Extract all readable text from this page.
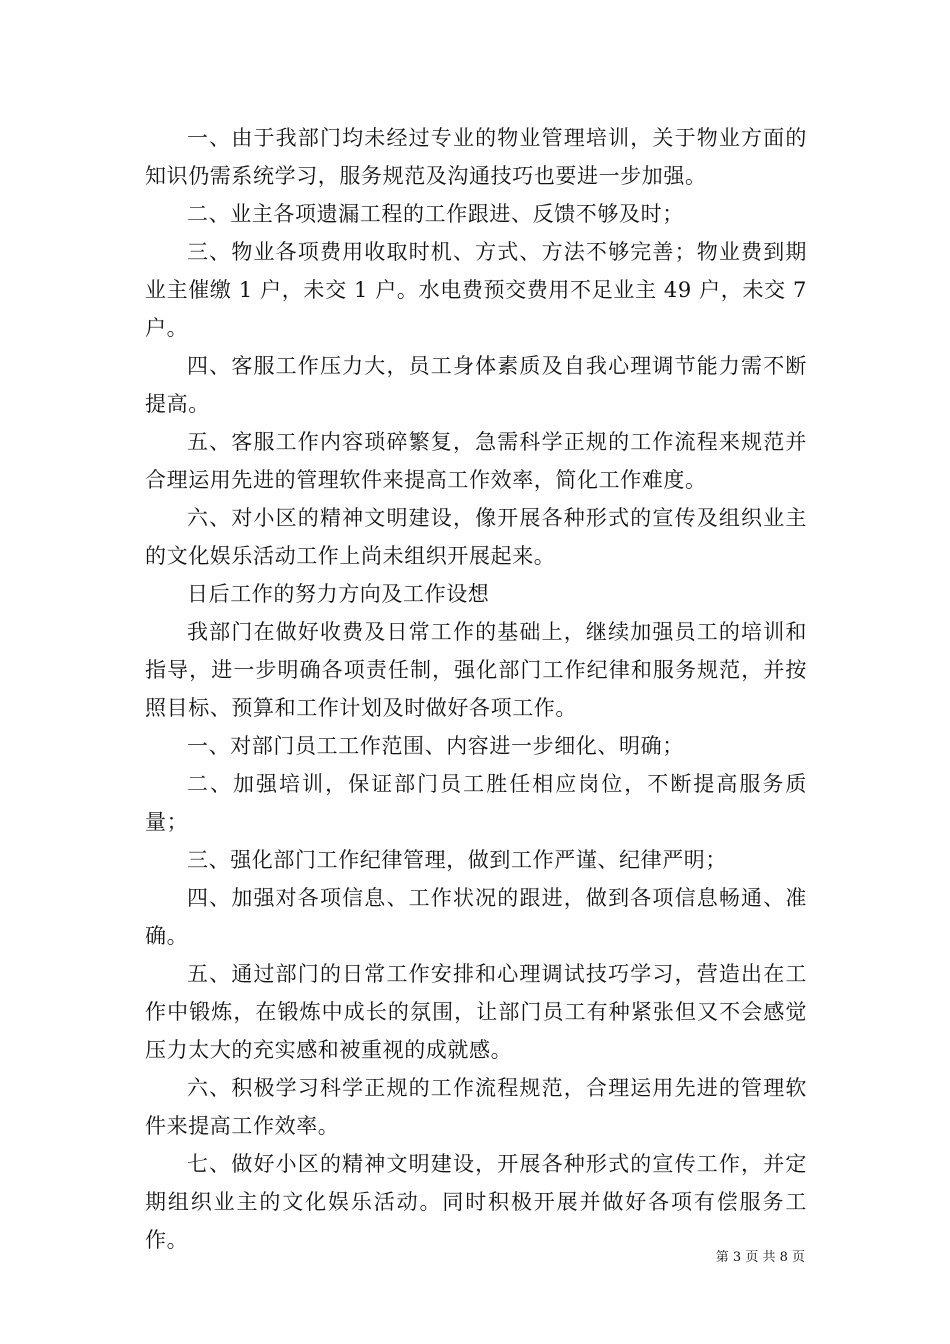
一、由于我部门均未经过专业的物业管理培训，关于物业方面的知识仍需系统学习，服务规范及沟通技巧也要进一步加强。

二、业主各项遗漏工程的工作跟进、反馈不够及时；

三、物业各项费用收取时机、方式、方法不够完善；物业费到期业主催缴 1 户，未交 1 户。水电费预交费用不足业主 49 户，未交 7 户。

四、客服工作压力大，员工身体素质及自我心理调节能力需不断提高。

五、客服工作内容琐碎繁复，急需科学正规的工作流程来规范并合理运用先进的管理软件来提高工作效率，简化工作难度。

六、对小区的精神文明建设，像开展各种形式的宣传及组织业主的文化娱乐活动工作上尚未组织开展起来。

日后工作的努力方向及工作设想

我部门在做好收费及日常工作的基础上，继续加强员工的培训和指导，进一步明确各项责任制，强化部门工作纪律和服务规范，并按照目标、预算和工作计划及时做好各项工作。

一、对部门员工工作范围、内容进一步细化、明确；

二、加强培训，保证部门员工胜任相应岗位，不断提高服务质量；

三、强化部门工作纪律管理，做到工作严谨、纪律严明；

四、加强对各项信息、工作状况的跟进，做到各项信息畅通、准确。

五、通过部门的日常工作安排和心理调试技巧学习，营造出在工作中锻炼，在锻炼中成长的氛围，让部门员工有种紧张但又不会感觉压力太大的充实感和被重视的成就感。

六、积极学习科学正规的工作流程规范，合理运用先进的管理软件来提高工作效率。

七、做好小区的精神文明建设，开展各种形式的宣传工作，并定期组织业主的文化娱乐活动。同时积极开展并做好各项有偿服务工作。

第 3 页 共 8 页
